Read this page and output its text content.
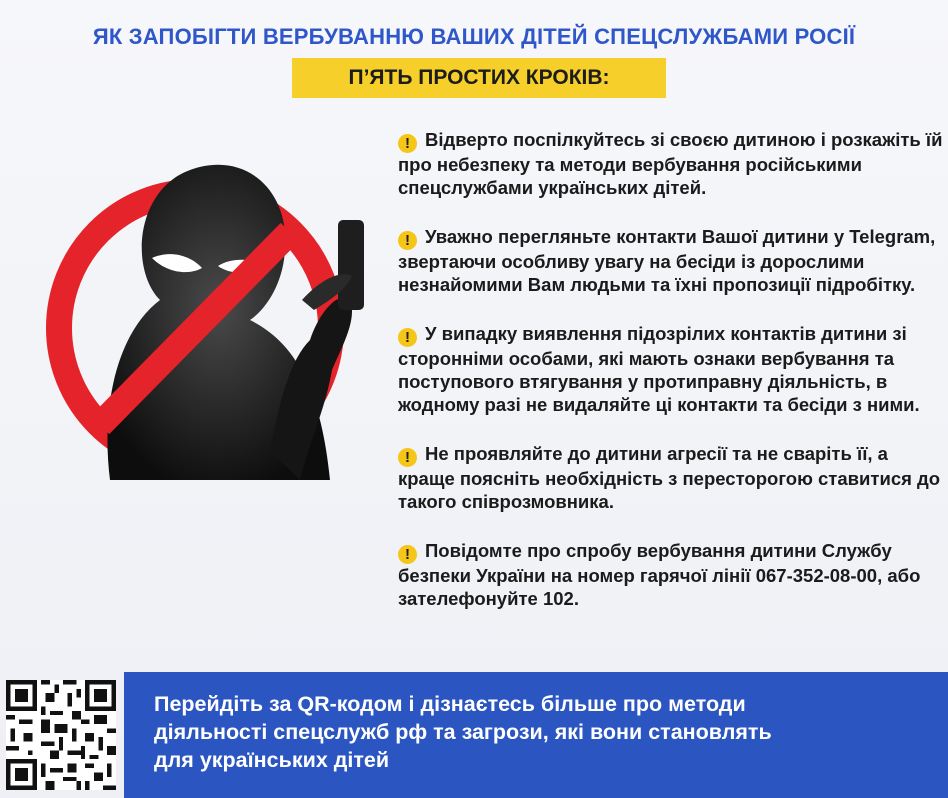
ЯК ЗАПОБІГТИ ВЕРБУВАННЮ ВАШИХ ДІТЕЙ СПЕЦСЛУЖБАМИ РОСІЇ
П’ЯТЬ ПРОСТИХ КРОКІВ:
! Відверто поспілкуйтесь зі своєю дитиною і розкажіть їй про небезпеку та методи вербування російськими спецслужбами українських дітей.
! Уважно перегляньте контакти Вашої дитини у Telegram, звертаючи особливу увагу на бесіди із дорослими незнайомими Вам людьми та їхні пропозиції підробітку.
! У випадку виявлення підозрілих контактів дитини зі сторонніми особами, які мають ознаки вербування та поступового втягування у протиправну діяльність, в жодному разі не видаляйте ці контакти та бесіди з ними.
! Не проявляйте до дитини агресії та не сваріть її, а краще поясніть необхідність з пересторогою ставитися до такого співрозмовника.
! Повідомте про спробу вербування дитини Службу безпеки України на номер гарячої лінії 067-352-08-00, або зателефонуйте 102.
Перейдіть за QR-кодом і дізнаєтесь більше про методи
діяльності спецслужб рф та загрози, які вони становлять
для українських дітей
